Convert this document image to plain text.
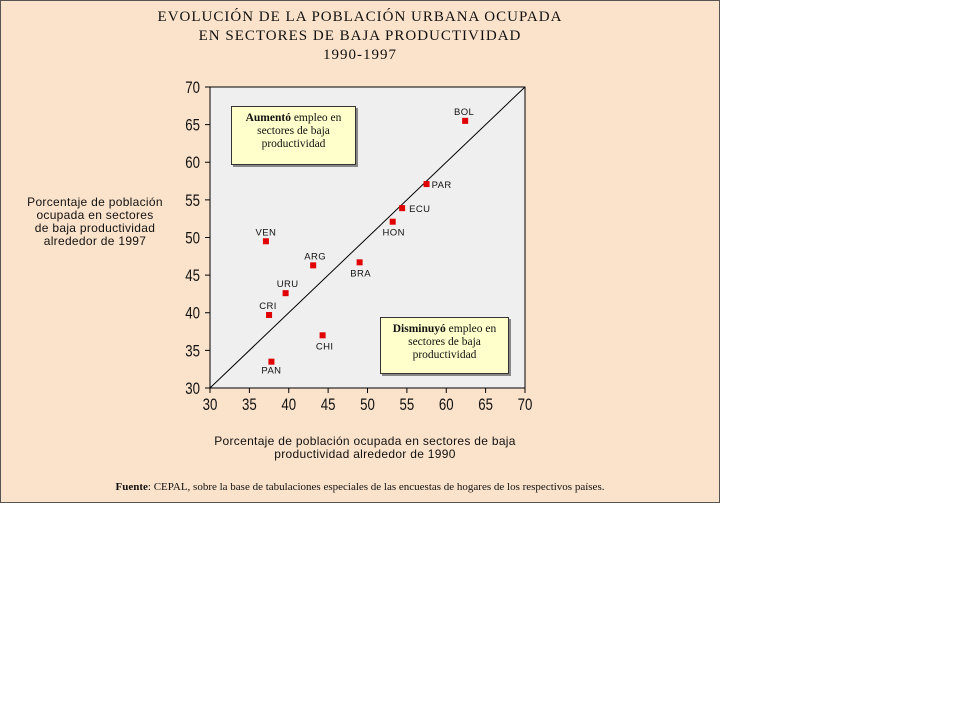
EVOLUCIÓN DE LA POBLACIÓN URBANA OCUPADA
EN SECTORES DE BAJA PRODUCTIVIDAD
1990-1997
Porcentaje de población
ocupada en sectores
de baja productividad
alrededor de 1997
Porcentaje de población ocupada en sectores de baja
productividad alrededor de 1990
30
35
40
45
50
55
60
65
70
30 35 40 45 50 55 60 65 70
BOL
PAR
ECU
HON
VEN
BRA
ARG
URU
CRI
CHI
PAN
Aumentó empleo en
sectores de baja
productividad
Disminuyó empleo en
sectores de baja
productividad
Fuente: CEPAL, sobre la base de tabulaciones especiales de las encuestas de hogares de los respectivos países.
